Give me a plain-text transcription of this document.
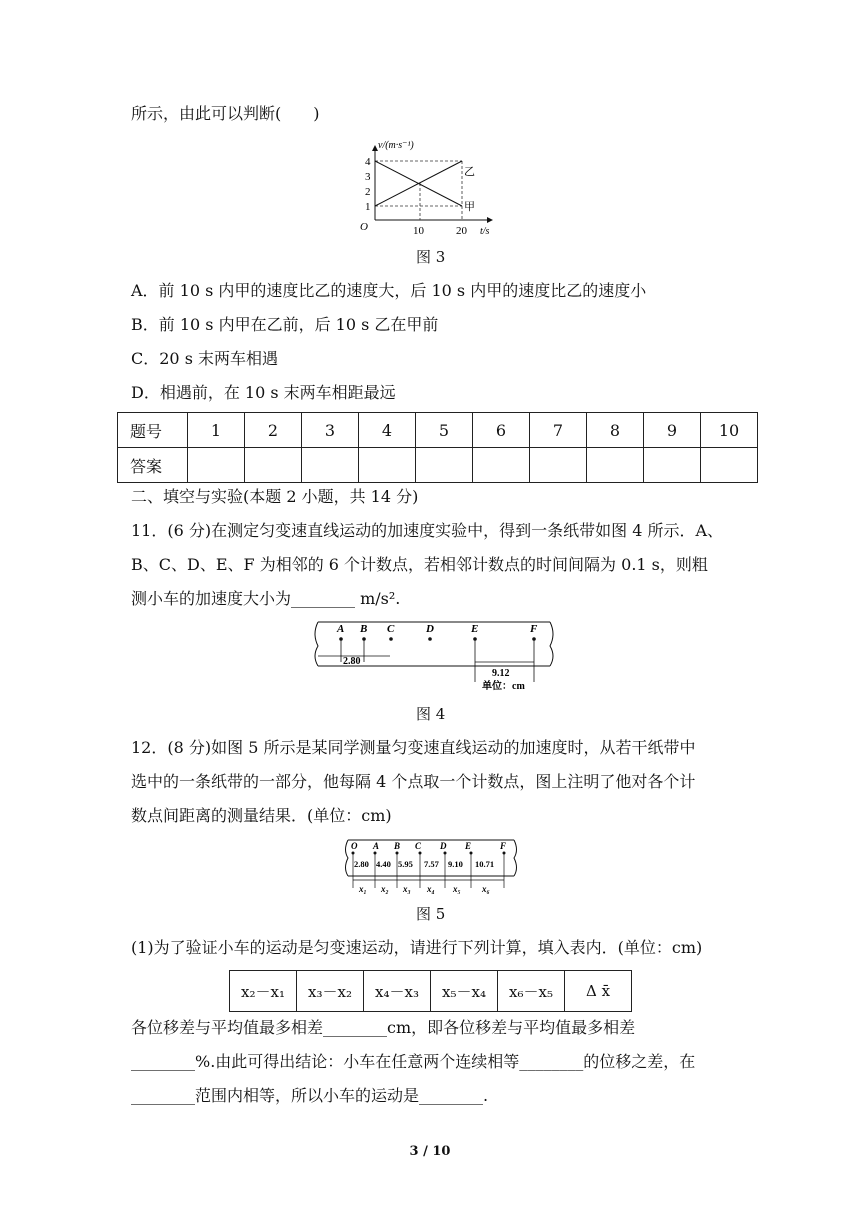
所示，由此可以判断(　　)
v/(m·s⁻¹)
t/s
O
1
2
3
4
10	20
乙
甲
图 3
A．前 10 s 内甲的速度比乙的速度大，后 10 s 内甲的速度比乙的速度小
B．前 10 s 内甲在乙前，后 10 s 乙在甲前
C．20 s 末两车相遇
D．相遇前，在 10 s 末两车相距最远
题号	1	2	3	4	5	6	7	8	9	10
答案										
二、填空与实验(本题 2 小题，共 14 分)
11．(6 分)在测定匀变速直线运动的加速度实验中，得到一条纸带如图 4 所示．A、
B、C、D、E、F 为相邻的 6 个计数点，若相邻计数点的时间间隔为 0.1 s，则粗
测小车的加速度大小为________ m/s².
A B C	D	E	F
2.80
9.12
单位：cm
图 4
12．(8 分)如图 5 所示是某同学测量匀变速直线运动的加速度时，从若干纸带中
选中的一条纸带的一部分，他每隔 4 个点取一个计数点，图上注明了他对各个计
数点间距离的测量结果．(单位：cm)
O A B C D E	F
2.80 4.40 5.95 7.57 9.10 10.71
x₁ x₂ x₃ x₄ x₅ x₆
图 5
(1)为了验证小车的运动是匀变速运动，请进行下列计算，填入表内．(单位：cm)
x₂－x₁	x₃－x₂	x₄－x₃	x₅－x₄	x₆－x₅	Δ x̄
各位移差与平均值最多相差________cm，即各位移差与平均值最多相差
________%.由此可得出结论：小车在任意两个连续相等________的位移之差，在
________范围内相等，所以小车的运动是________.
3 / 10
